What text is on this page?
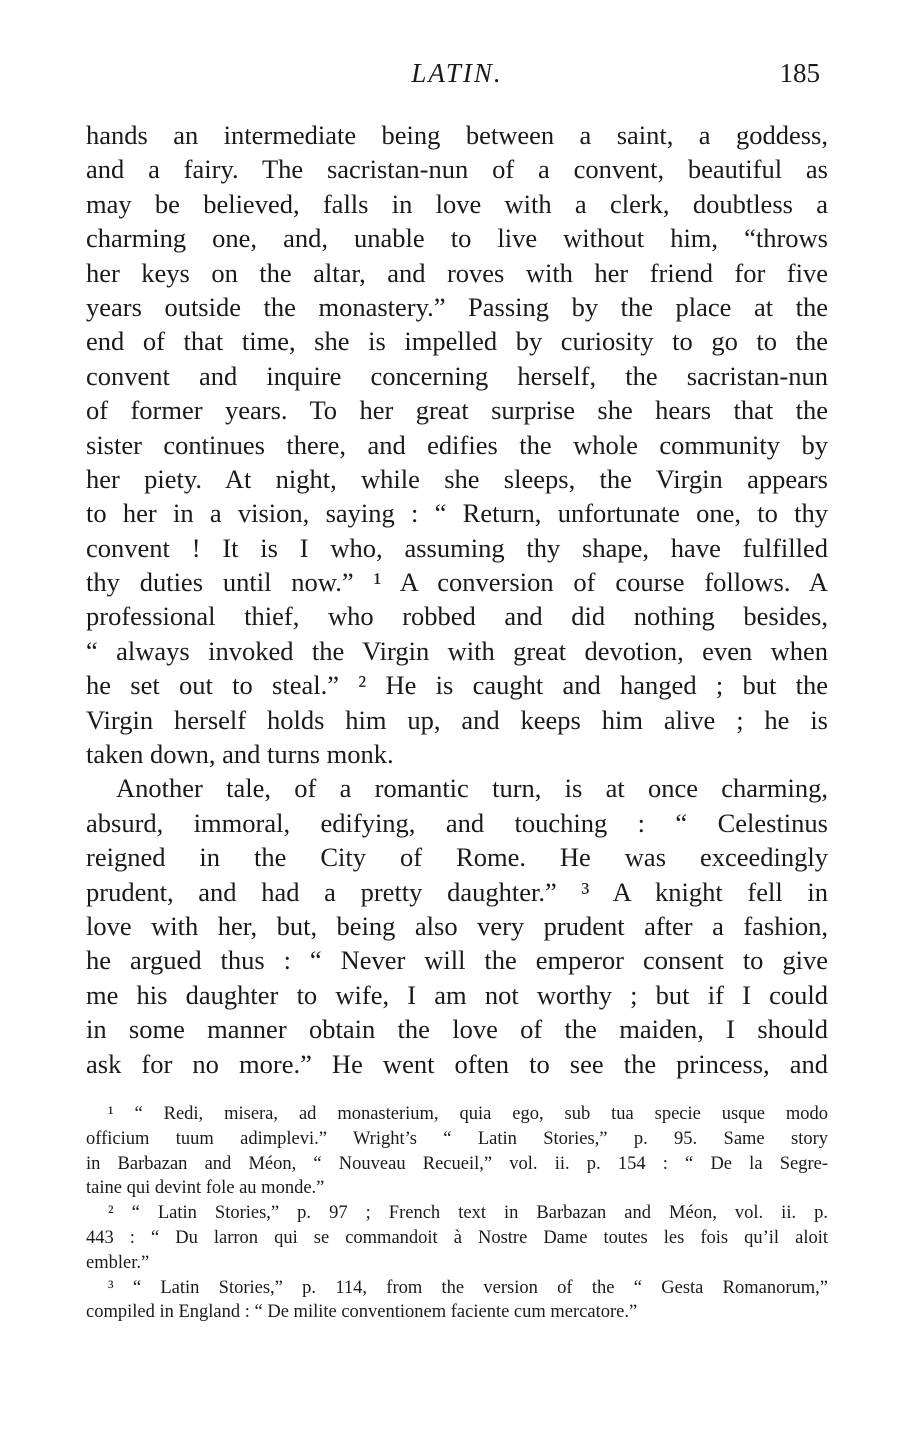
LATIN.	185
hands an intermediate being between a saint, a goddess,
and a fairy. The sacristan-nun of a convent, beautiful as
may be believed, falls in love with a clerk, doubtless a
charming one, and, unable to live without him, “throws
her keys on the altar, and roves with her friend for five
years outside the monastery.” Passing by the place at the
end of that time, she is impelled by curiosity to go to the
convent and inquire concerning herself, the sacristan-nun
of former years. To her great surprise she hears that the
sister continues there, and edifies the whole community by
her piety. At night, while she sleeps, the Virgin appears
to her in a vision, saying : “ Return, unfortunate one, to thy
convent ! It is I who, assuming thy shape, have fulfilled
thy duties until now.” ¹ A conversion of course follows. A
professional thief, who robbed and did nothing besides,
“ always invoked the Virgin with great devotion, even when
he set out to steal.” ² He is caught and hanged ; but the
Virgin herself holds him up, and keeps him alive ; he is
taken down, and turns monk.
Another tale, of a romantic turn, is at once charming,
absurd, immoral, edifying, and touching : “ Celestinus
reigned in the City of Rome. He was exceedingly
prudent, and had a pretty daughter.” ³ A knight fell in
love with her, but, being also very prudent after a fashion,
he argued thus : “ Never will the emperor consent to give
me his daughter to wife, I am not worthy ; but if I could
in some manner obtain the love of the maiden, I should
ask for no more.” He went often to see the princess, and
¹ “ Redi, misera, ad monasterium, quia ego, sub tua specie usque modo
officium tuum adimplevi.” Wright’s “ Latin Stories,” p. 95. Same story
in Barbazan and Méon, “ Nouveau Recueil,” vol. ii. p. 154 : “ De la Segre-
taine qui devint fole au monde.”
² “ Latin Stories,” p. 97 ; French text in Barbazan and Méon, vol. ii. p.
443 : “ Du larron qui se commandoit à Nostre Dame toutes les fois qu’il aloit
embler.”
³ “ Latin Stories,” p. 114, from the version of the “ Gesta Romanorum,”
compiled in England : “ De milite conventionem faciente cum mercatore.”
